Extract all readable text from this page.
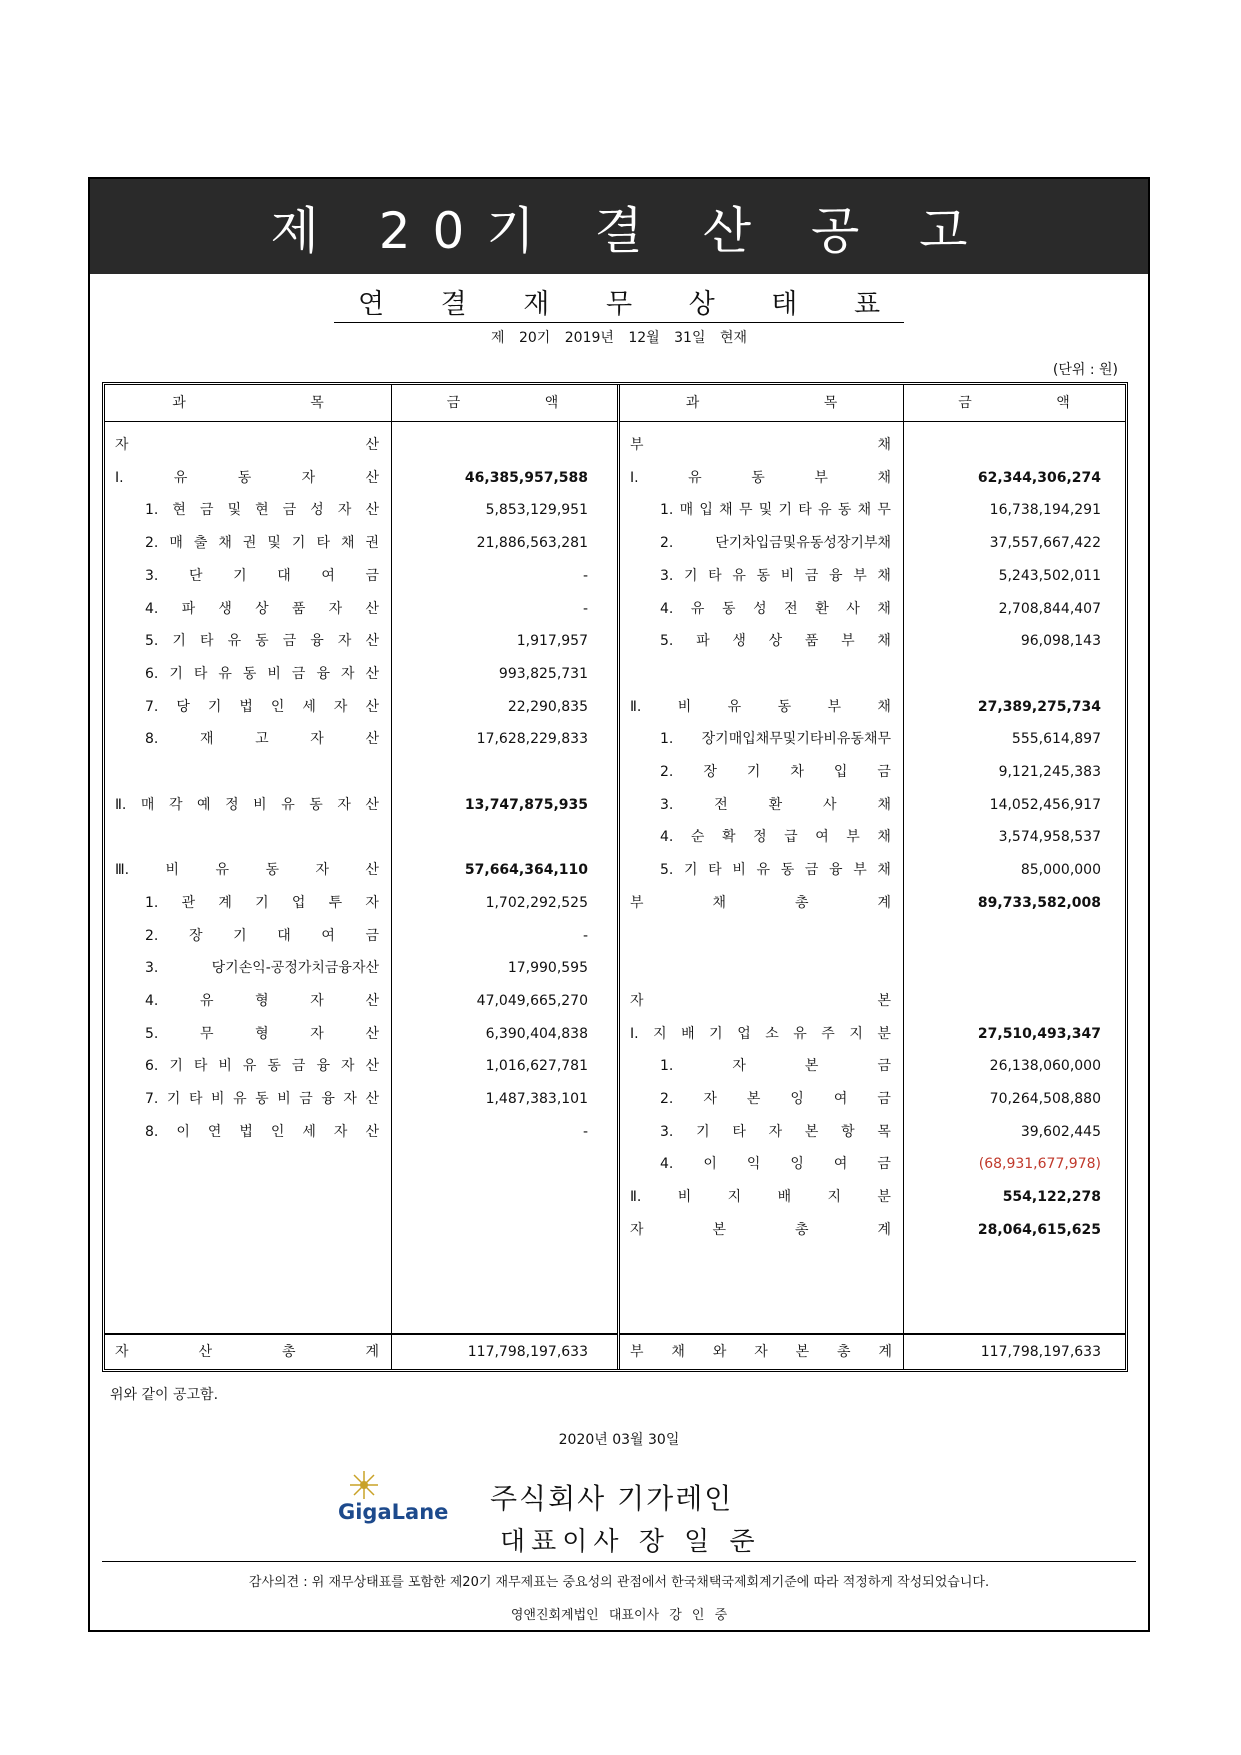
제 20기 결 산 공 고
연 결 재 무 상 태 표
제 20기 2019년 12월 31일 현재
(단위 : 원)
과 목	금 액
자	산
Ⅰ.	유	동	자	산	46,385,957,588
1. 현 금 및 현 금 성 자 산	5,853,129,951
2. 매 출 채 권 및 기 타 채 권	21,886,563,281
3. 단 기 대 여 금	-
4. 파 생 상 품 자 산	-
5. 기 타 유 동 금 융 자 산	1,917,957
6. 기 타 유 동 비 금 융 자 산	993,825,731
7. 당 기 법 인 세 자 산	22,290,835
8.	재	고	자	산	17,628,229,833
Ⅱ. 매 각 예 정 비 유 동 자 산	13,747,875,935
Ⅲ.	비	유	동	자	산	57,664,364,110
1. 관 계 기 업 투 자	1,702,292,525
2. 장 기 대 여 금	-
3.	당기손익-공정가치금융자산	17,990,595
4.	유	형	자	산	47,049,665,270
5.	무	형	자	산	6,390,404,838
6. 기 타 비 유 동 금 융 자 산	1,016,627,781
7. 기 타 비 유 동 비 금 융 자 산	1,487,383,101
8. 이 연 법 인 세 자 산	-
자	산	총	계	117,798,197,633
과 목	금 액
부	채
Ⅰ.	유	동	부	채	62,344,306,274
1. 매 입 채 무 및 기 타 유 동 채 무	16,738,194,291
2.	단기차입금및유동성장기부채	37,557,667,422
3. 기 타 유 동 비 금 융 부 채	5,243,502,011
4. 유 동 성 전 환 사 채	2,708,844,407
5. 파 생 상 품 부 채	96,098,143
Ⅱ.	비	유	동	부	채	27,389,275,734
1. 장기매입채무및기타비유동채무	555,614,897
2. 장 기 차 입 금	9,121,245,383
3.	전	환	사	채	14,052,456,917
4. 순 확 정 급 여 부 채	3,574,958,537
5. 기 타 비 유 동 금 융 부 채	85,000,000
부	채	총	계	89,733,582,008
자	본
Ⅰ. 지 배 기 업 소 유 주 지 분	27,510,493,347
1.	자	본	금	26,138,060,000
2. 자 본 잉 여 금	70,264,508,880
3. 기 타 자 본 항 목	39,602,445
4. 이 익 잉 여 금	(68,931,677,978)
Ⅱ.	비	지	배	지	분	554,122,278
자	본	총	계	28,064,615,625
부 채 와 자 본 총 계	117,798,197,633
위와 같이 공고함.
2020년 03월 30일
GigaLane 주식회사 기가레인
대표이사 장 일 준
감사의견 : 위 재무상태표를 포함한 제20기 재무제표는 중요성의 관점에서 한국채택국제회계기준에 따라 적정하게 작성되었습니다.
영앤진회계법인 대표이사 강 인 중
